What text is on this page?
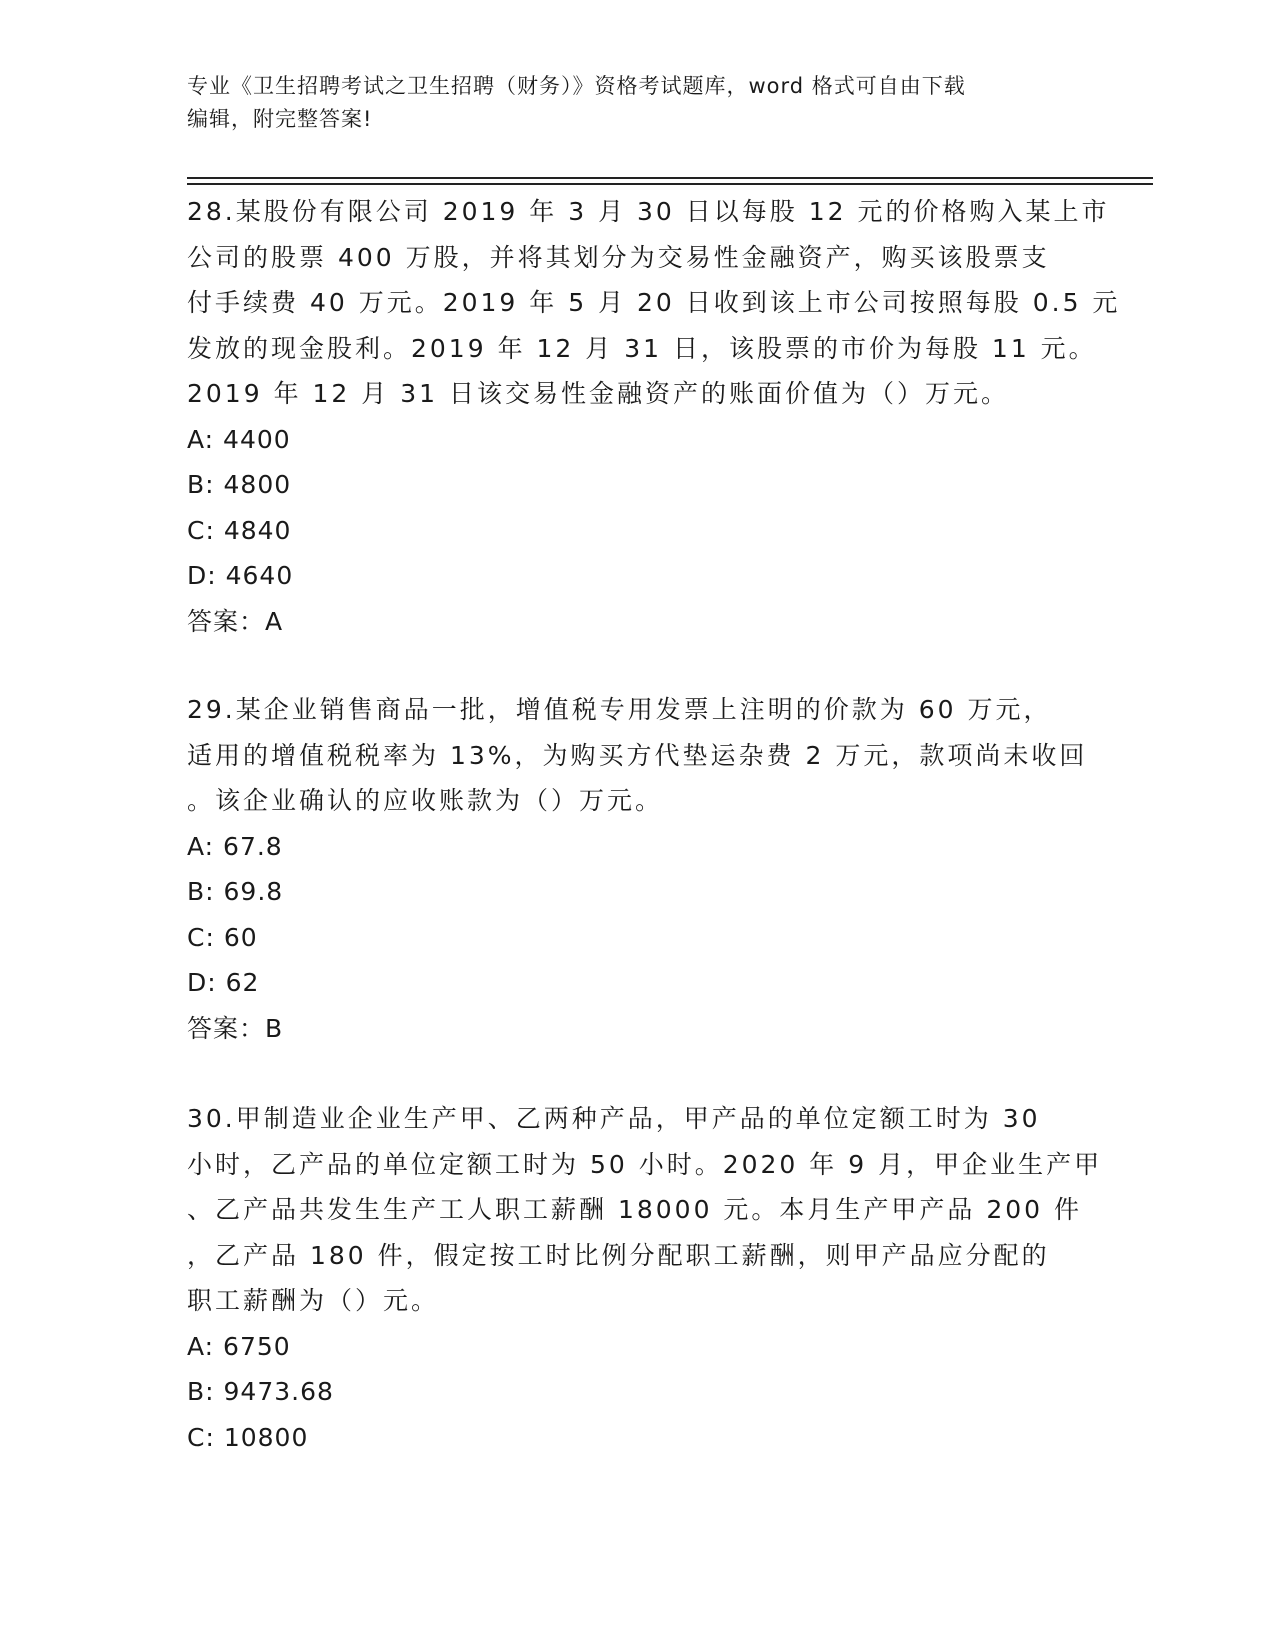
专业《卫生招聘考试之卫生招聘（财务）》资格考试题库，word 格式可自由下载
编辑，附完整答案!

28.某股份有限公司 2019 年 3 月 30 日以每股 12 元的价格购入某上市
公司的股票 400 万股，并将其划分为交易性金融资产，购买该股票支
付手续费 40 万元。2019 年 5 月 20 日收到该上市公司按照每股 0.5 元
发放的现金股利。2019 年 12 月 31 日，该股票的市价为每股 11 元。
2019 年 12 月 31 日该交易性金融资产的账面价值为（）万元。

A: 4400
B: 4800
C: 4840
D: 4640
答案：A

29.某企业销售商品一批，增值税专用发票上注明的价款为 60 万元，
适用的增值税税率为 13%，为购买方代垫运杂费 2 万元，款项尚未收回
。该企业确认的应收账款为（）万元。

A: 67.8
B: 69.8
C: 60
D: 62
答案：B

30.甲制造业企业生产甲、乙两种产品，甲产品的单位定额工时为 30
小时，乙产品的单位定额工时为 50 小时。2020 年 9 月，甲企业生产甲
、乙产品共发生生产工人职工薪酬 18000 元。本月生产甲产品 200 件
，乙产品 180 件，假定按工时比例分配职工薪酬，则甲产品应分配的
职工薪酬为（）元。

A: 6750
B: 9473.68
C: 10800
